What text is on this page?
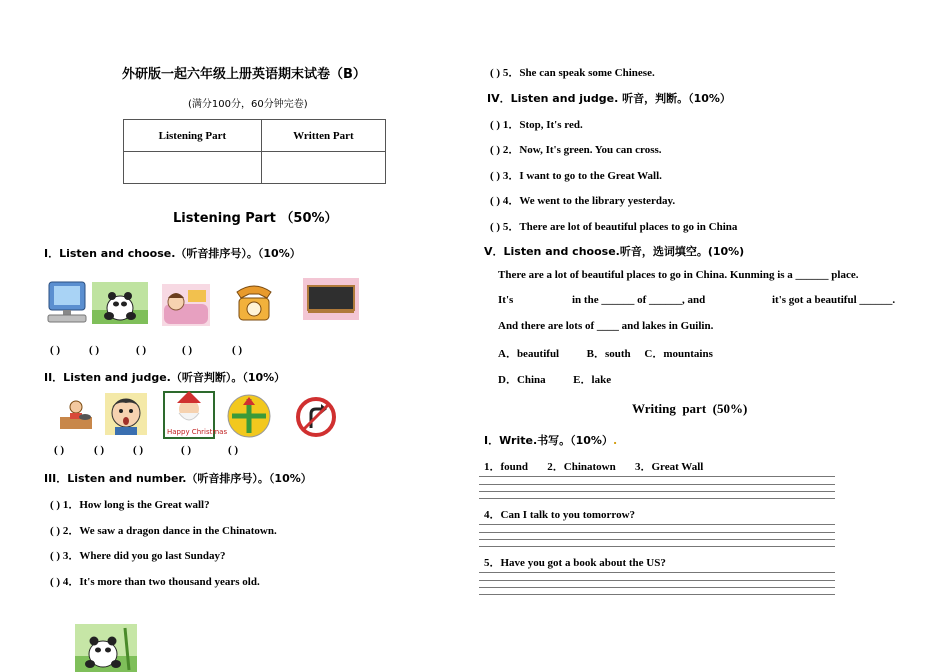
外研版一起六年级上册英语期末试卷（B）
(满分100分，60分钟完卷)
Listening Part	Written Part

Listening Part （50%）
I．Listen and choose.（听音排序号）。（10%）
( )	( )	( )	( )	( )
II．Listen and judge.（听音判断）。（10%）
Happy Christmas
( )	( )	( )	( )	( )
III．Listen and number.（听音排序号）。（10%）
( ) 1．How long is the Great wall?
( ) 2．We saw a dragon dance in the Chinatown.
( ) 3．Where did you go last Sunday?
( ) 4．It's more than two thousand years old.
( ) 5．She can speak some Chinese.
IV．Listen and judge. 听音，判断。（10%）
( ) 1．Stop, It's red.
( ) 2．Now, It's green. You can cross.
( ) 3．I want to go to the Great Wall.
( ) 4．We went to the library yesterday.
( ) 5．There are lot of beautiful places to go in China
V．Listen and choose.听音，选词填空。(10%)
There are a lot of beautiful places to go in China. Kunming is a ______ place.
It's	in the ______ of ______, and	it's got a beautiful ______.
And there are lots of ____ and lakes in Guilin.
A．beautiful          B．south     C．mountains
D．China          E．lake
Writing  part  (50%)
I．Write.书写。（10%）.
1．found       2．Chinatown       3．Great Wall
4．Can I talk to you tomorrow?
5．Have you got a book about the US?
